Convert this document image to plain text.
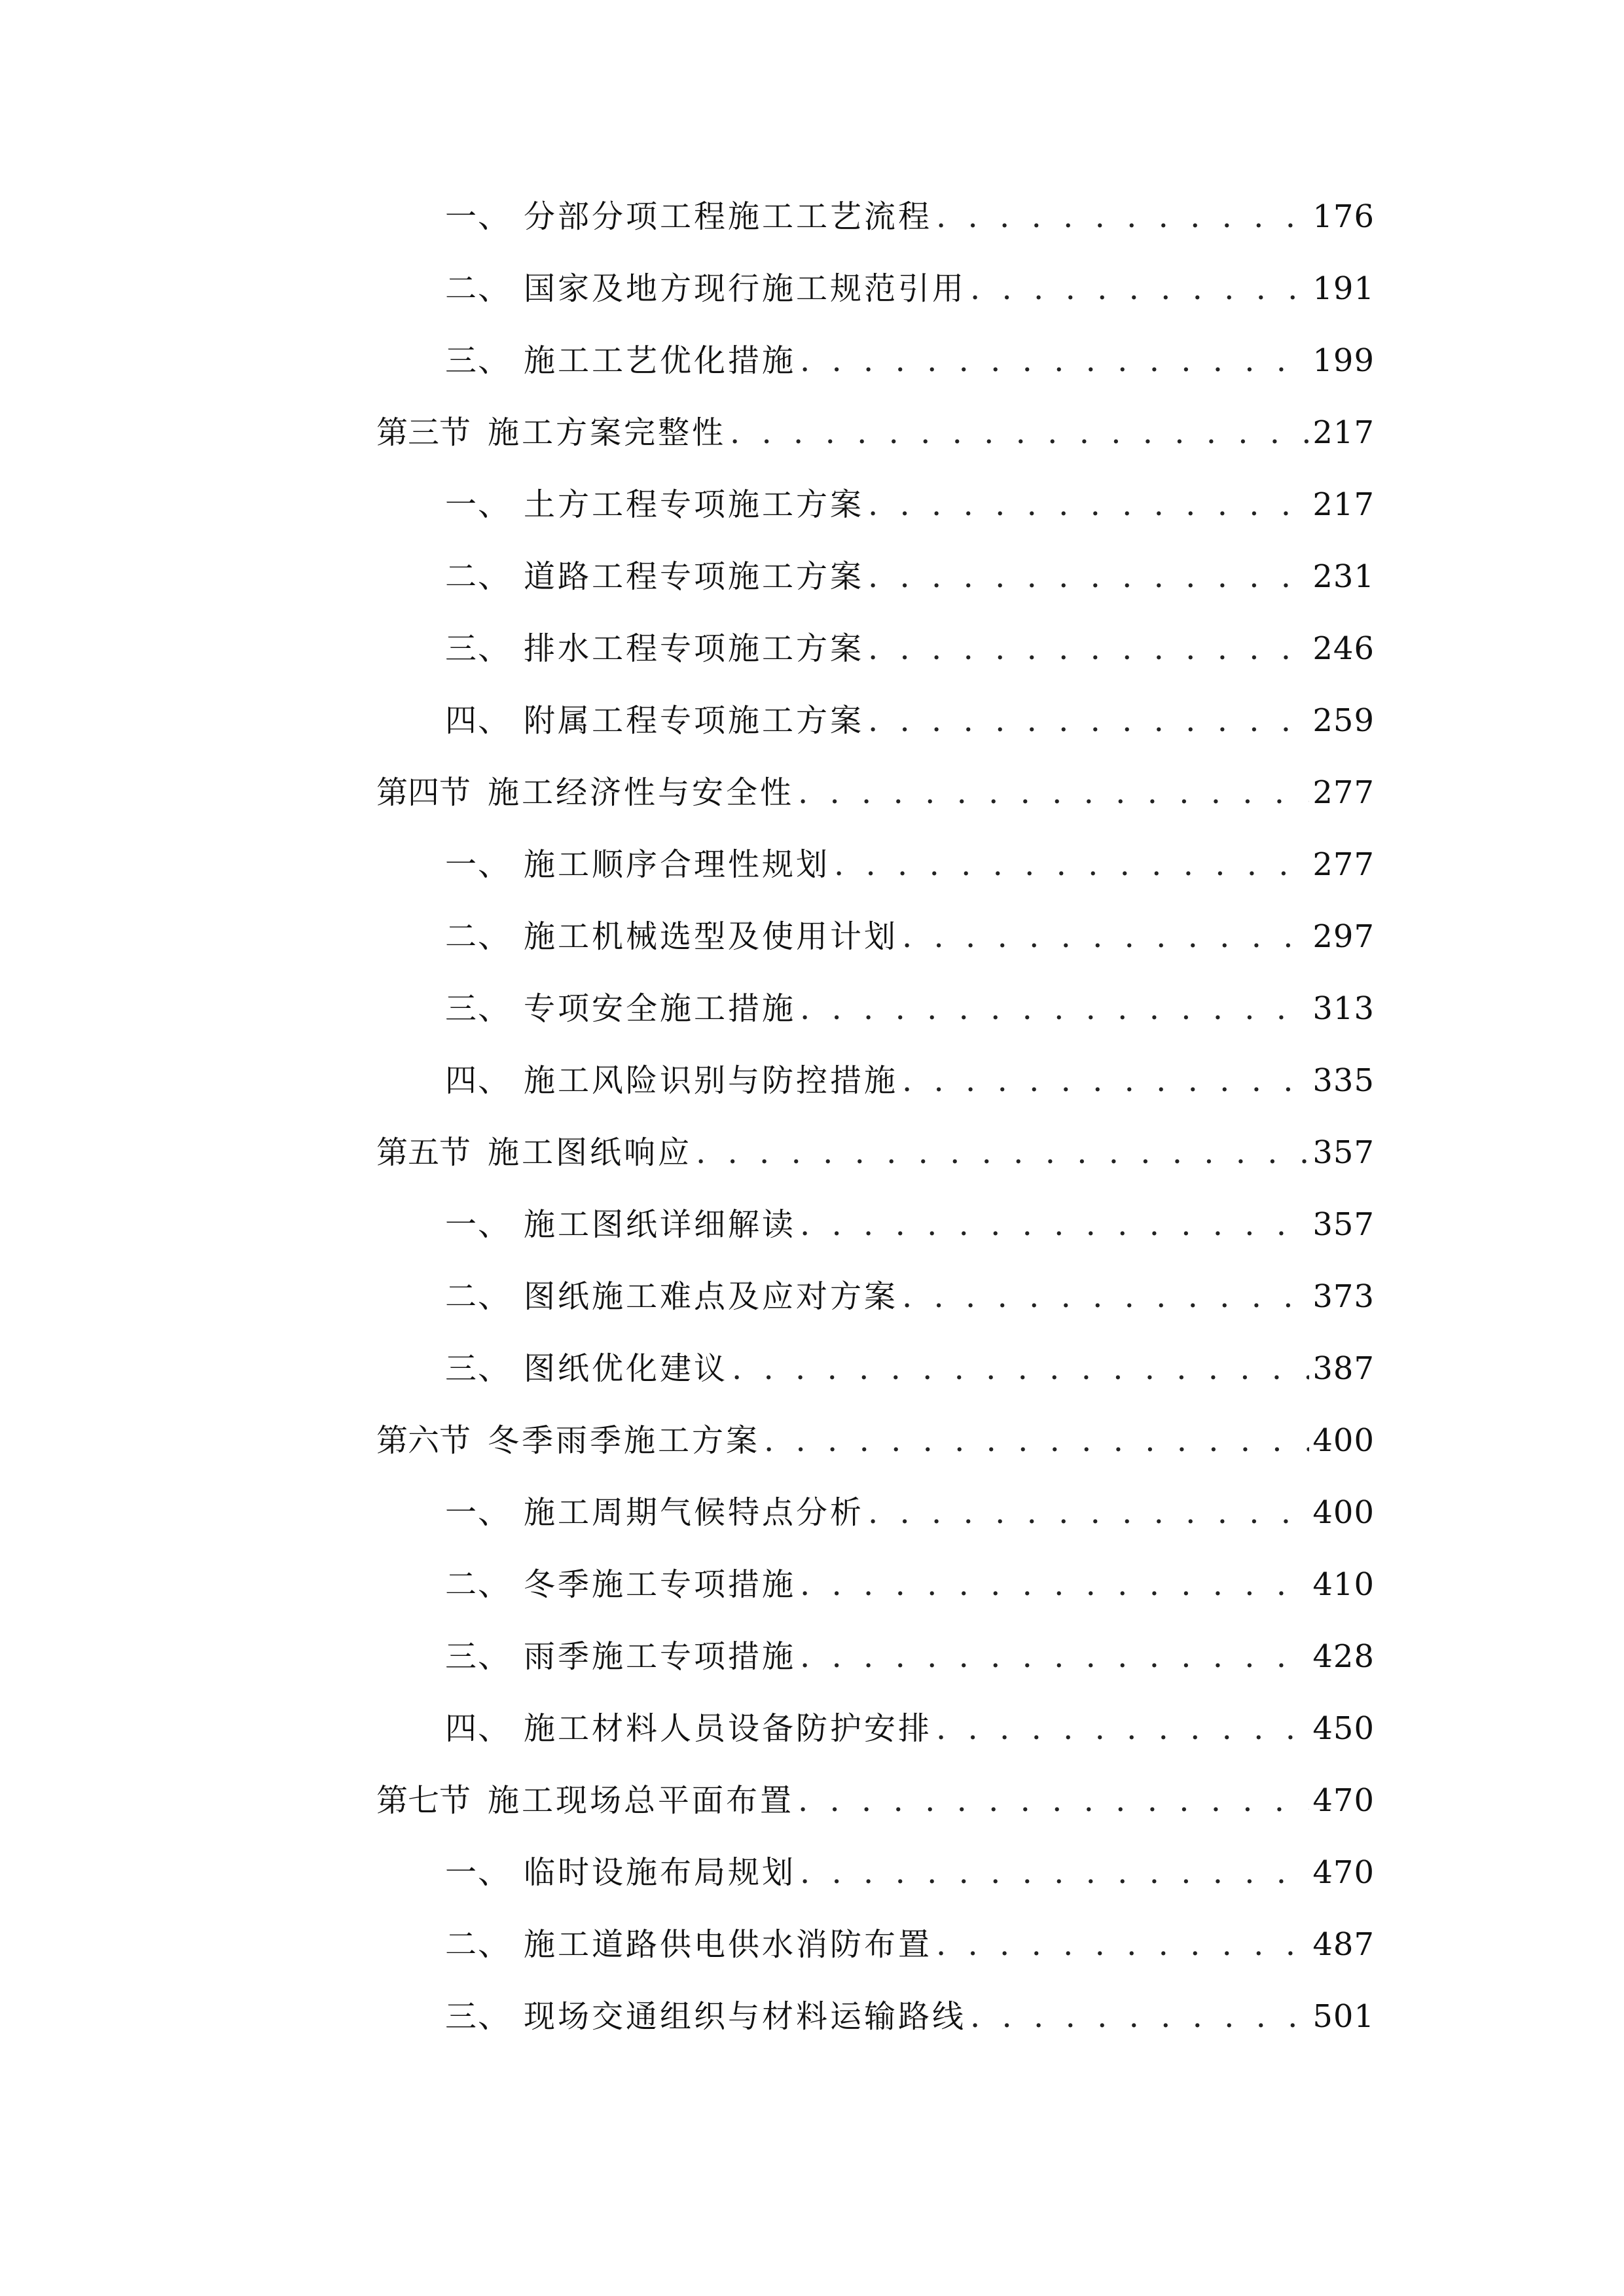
一、 分部分项工程施工工艺流程 . . .	176
二、 国家及地方现行施工规范引用 . . .	191
三、 施工工艺优化措施 . . .	199
第三节 施工方案完整性 . . .	217
一、 土方工程专项施工方案 . . .	217
二、 道路工程专项施工方案 . . .	231
三、 排水工程专项施工方案 . . .	246
四、 附属工程专项施工方案 . . .	259
第四节 施工经济性与安全性 . . .	277
一、 施工顺序合理性规划 . . .	277
二、 施工机械选型及使用计划 . . .	297
三、 专项安全施工措施 . . .	313
四、 施工风险识别与防控措施 . . .	335
第五节 施工图纸响应 . . .	357
一、 施工图纸详细解读 . . .	357
二、 图纸施工难点及应对方案 . . .	373
三、 图纸优化建议 . . .	387
第六节 冬季雨季施工方案 . . .	400
一、 施工周期气候特点分析 . . .	400
二、 冬季施工专项措施 . . .	410
三、 雨季施工专项措施 . . .	428
四、 施工材料人员设备防护安排 . . .	450
第七节 施工现场总平面布置 . . .	470
一、 临时设施布局规划 . . .	470
二、 施工道路供电供水消防布置 . . .	487
三、 现场交通组织与材料运输路线 . . .	501
